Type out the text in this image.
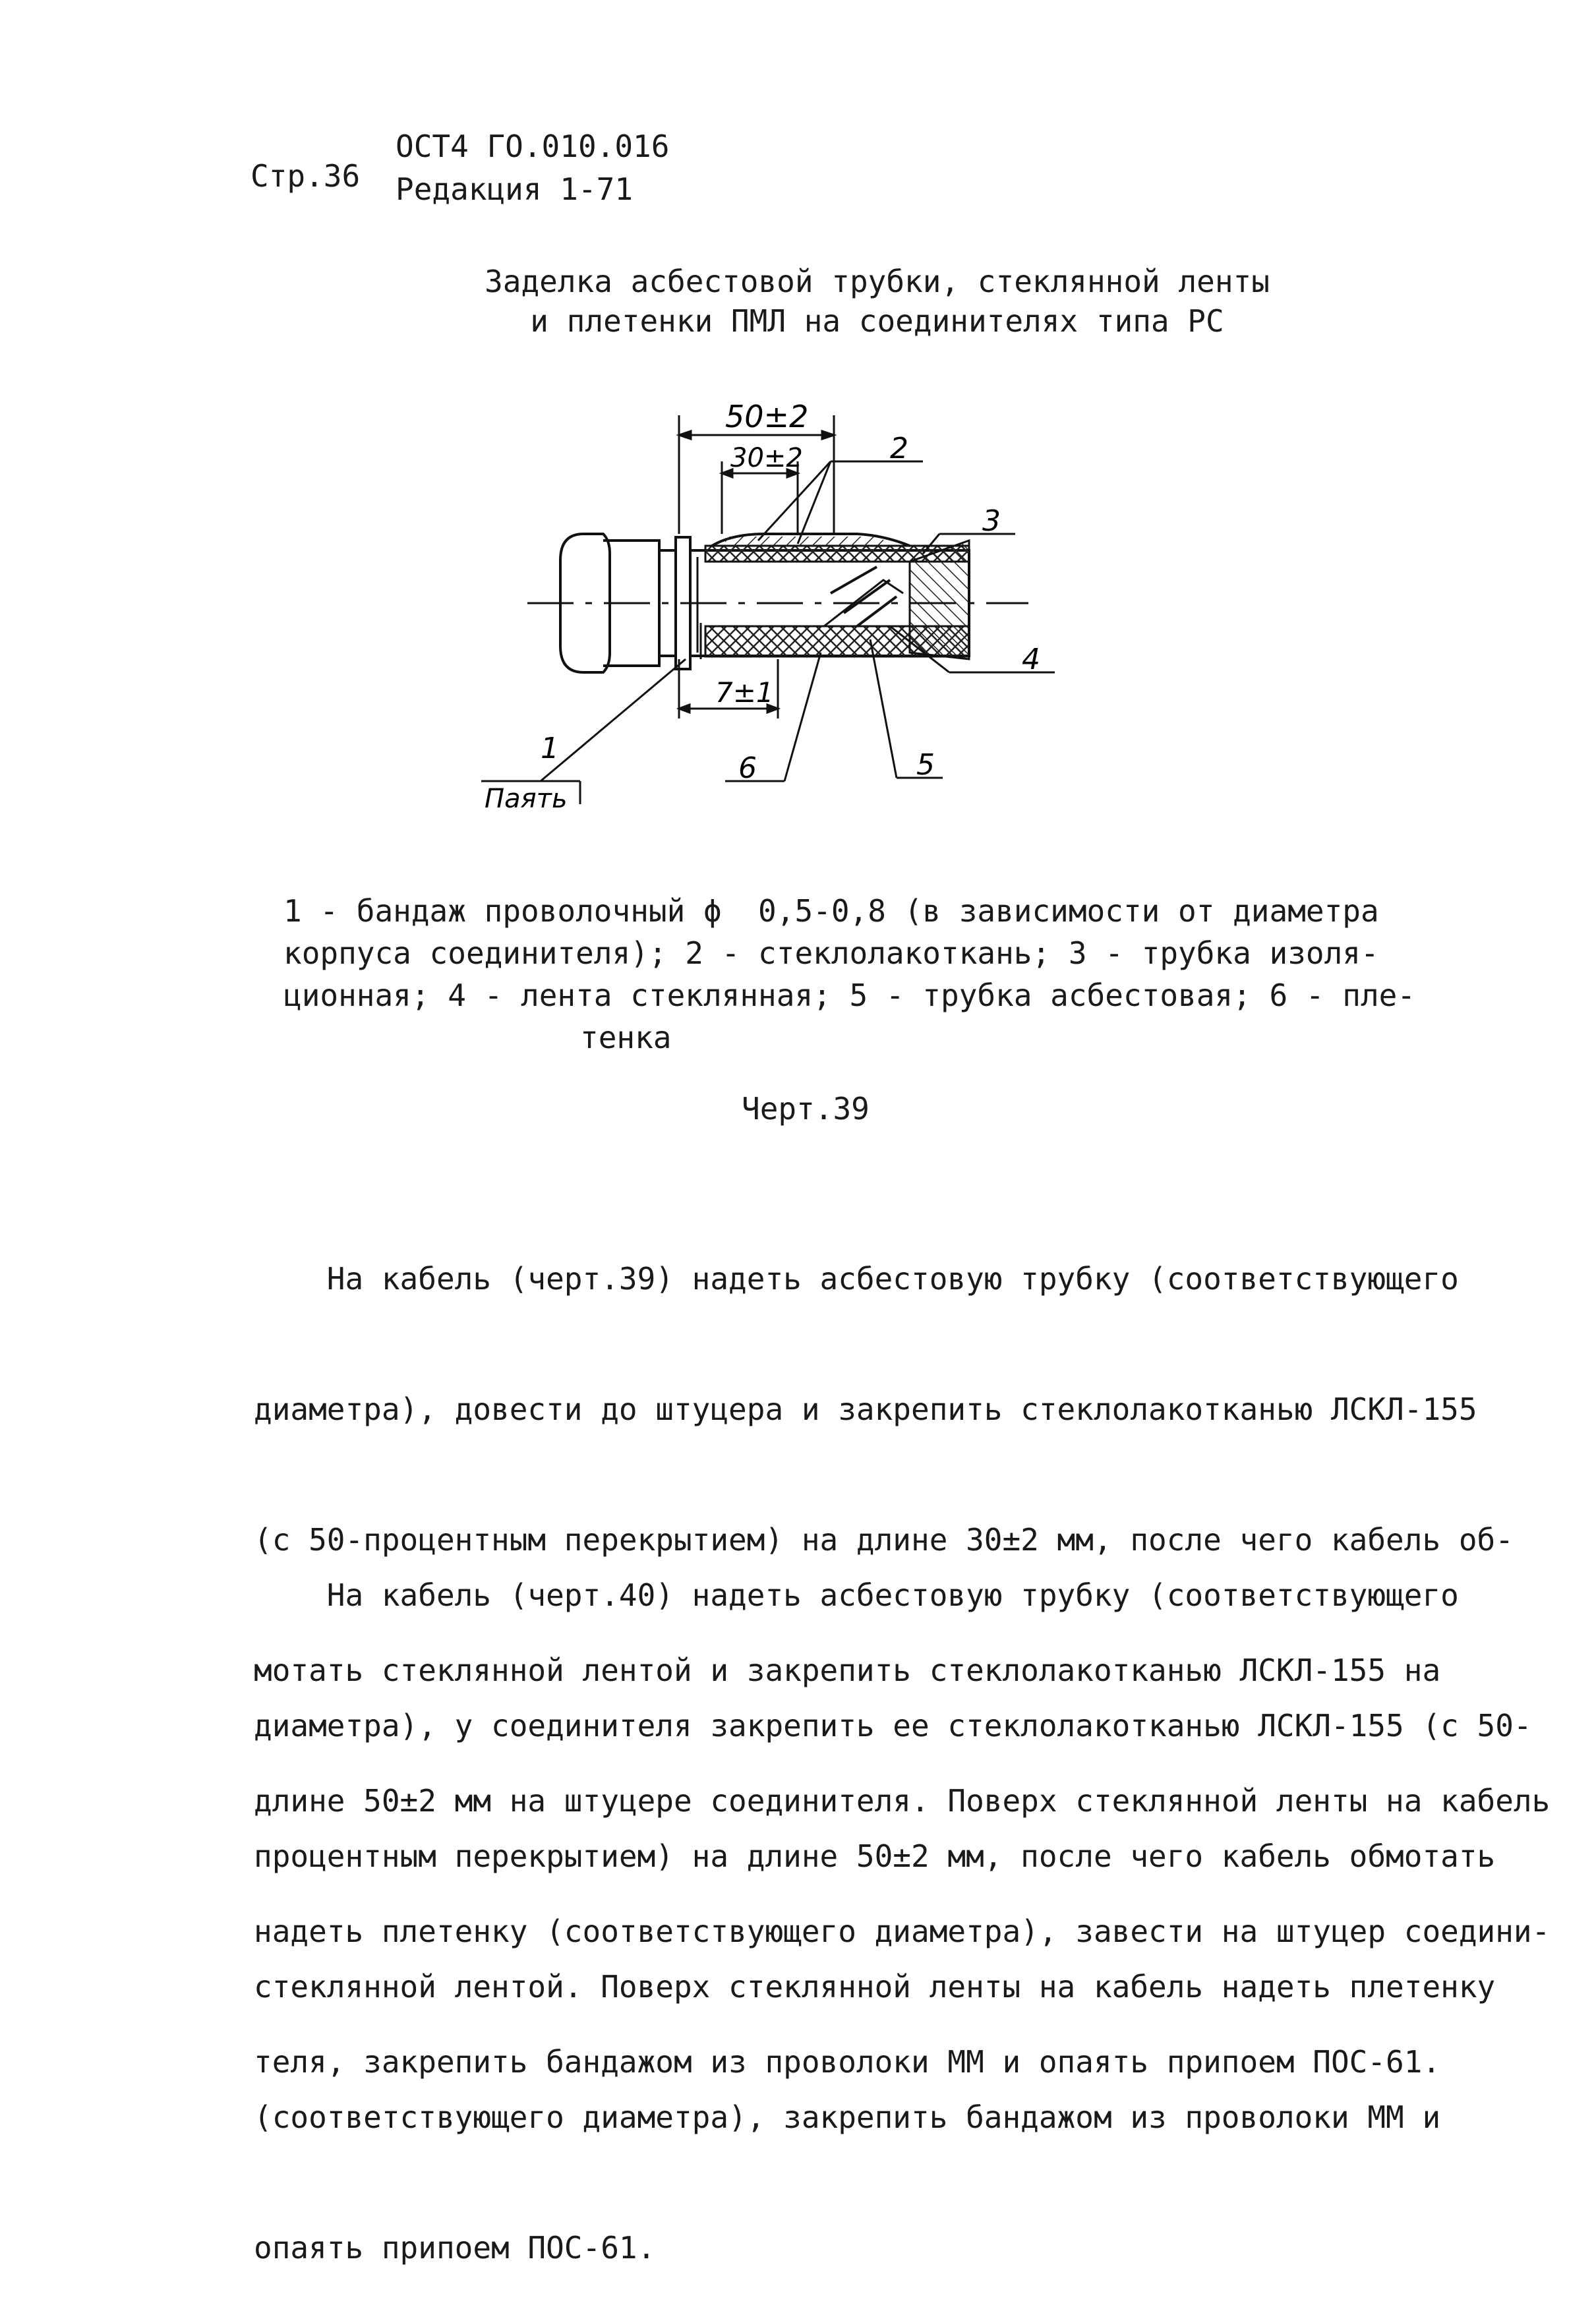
Стр.36
ОСТ4 ГО.010.016
Редакция 1-71
Заделка асбестовой трубки, стеклянной ленты
и плетенки ПМЛ на соединителях типа РС
50±2
30±2
7±1
2
3
4
5
6
1
Паять
1 - бандаж проволочный ϕ  0,5-0,8 (в зависимости от диаметра
корпуса соединителя); 2 - стеклолакоткань; 3 - трубка изоля-
ционная; 4 - лента стеклянная; 5 - трубка асбестовая; 6 - пле-
тенка
Черт.39

На кабель (черт.39) надеть асбестовую трубку (соответствующего

диаметра), довести до штуцера и закрепить стеклолакотканью ЛСКЛ-155

(с 50-процентным перекрытием) на длине 30±2 мм, после чего кабель об-

мотать стеклянной лентой и закрепить стеклолакотканью ЛСКЛ-155 на

длине 50±2 мм на штуцере соединителя. Поверх стеклянной ленты на кабель

надеть плетенку (соответствующего диаметра), завести на штуцер соедини-

теля, закрепить бандажом из проволоки ММ и опаять припоем ПОС-61.

На кабель (черт.40) надеть асбестовую трубку (соответствующего

диаметра), у соединителя закрепить ее стеклолакотканью ЛСКЛ-155 (с 50-

процентным перекрытием) на длине 50±2 мм, после чего кабель обмотать

стеклянной лентой. Поверх стеклянной ленты на кабель надеть плетенку

(соответствующего диаметра), закрепить бандажом из проволоки ММ и

опаять припоем ПОС-61.
